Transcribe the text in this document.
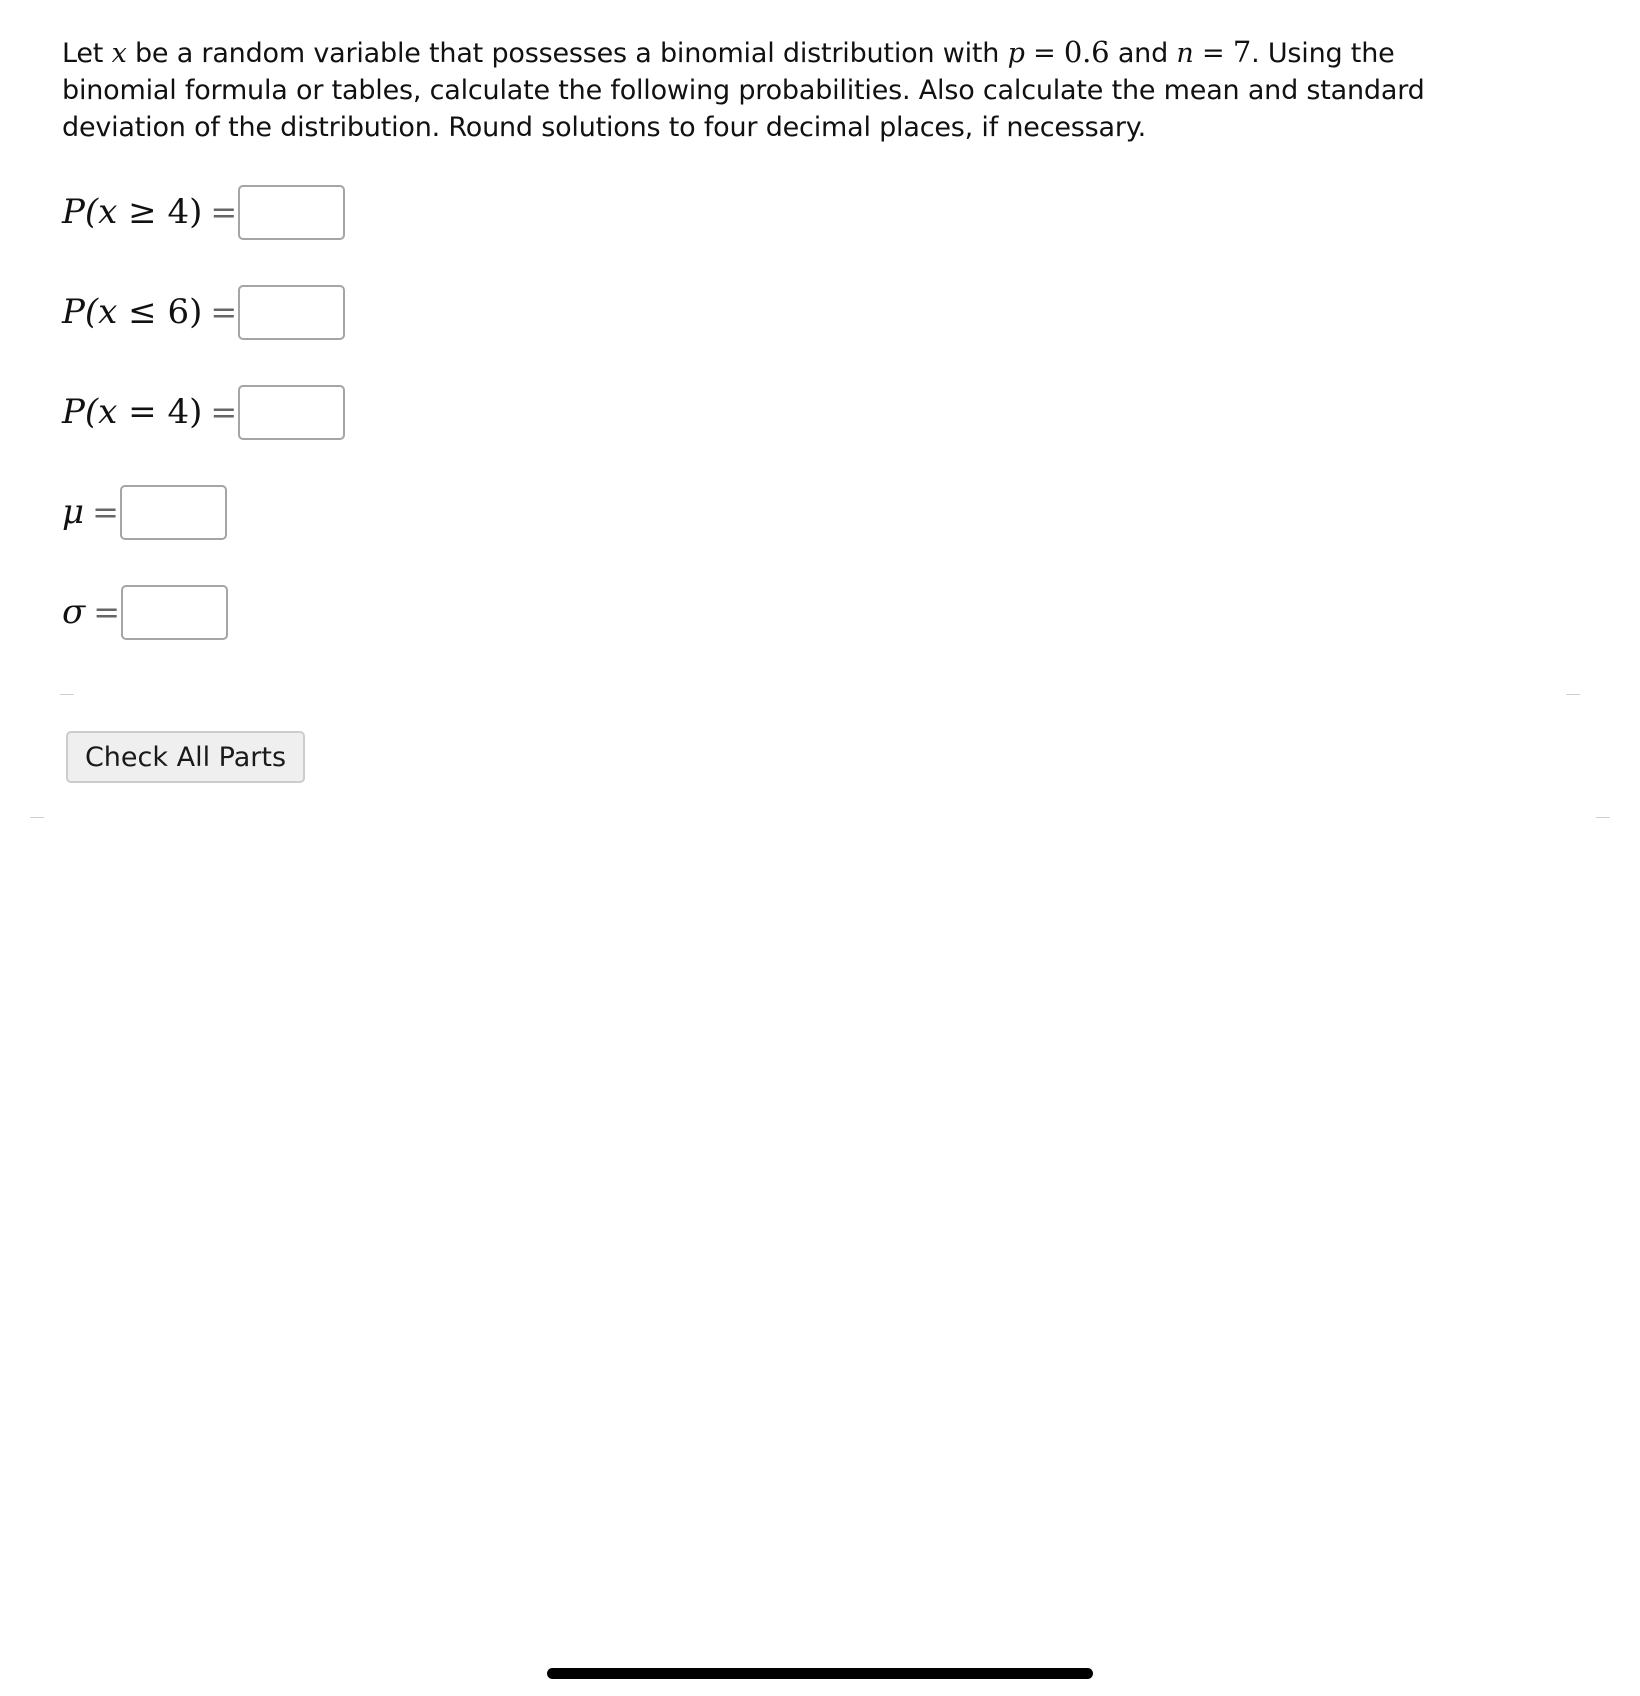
Let x be a random variable that possesses a binomial distribution with p = 0.6 and n = 7. Using the binomial formula or tables, calculate the following probabilities. Also calculate the mean and standard deviation of the distribution. Round solutions to four decimal places, if necessary.
P(x ≥ 4) =
P(x ≤ 6) =
P(x = 4) =
μ =
σ =
Check All Parts
